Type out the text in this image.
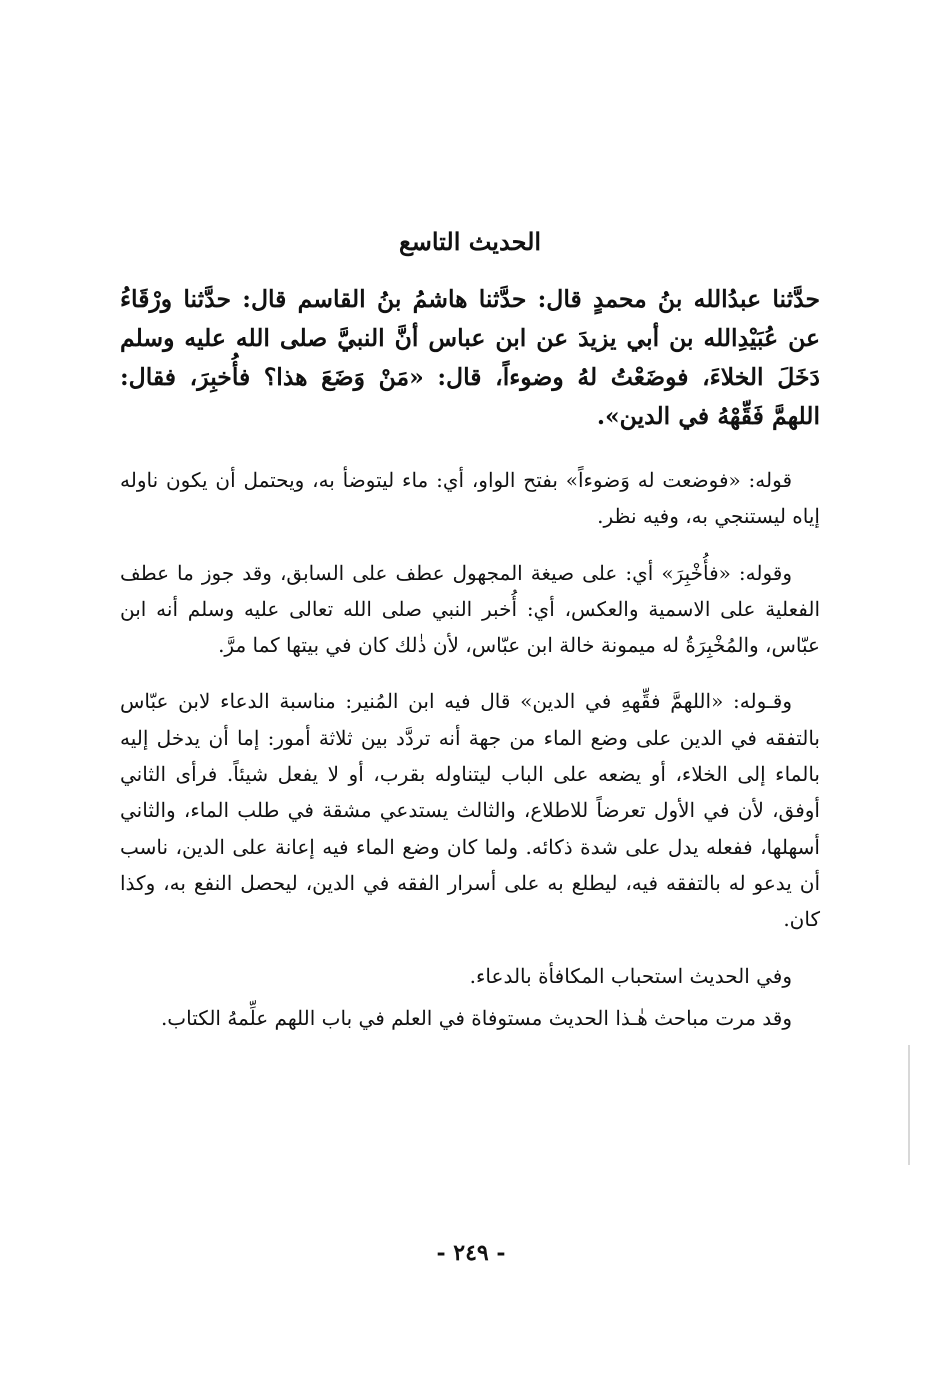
الحديث التاسع

حدَّثنا عبدُالله بنُ محمدٍ قال: حدَّثنا هاشمُ بنُ القاسم قال: حدَّثنا ورْقَاءُ عن عُبَيْدِالله بن أبي يزيدَ عن ابن عباس أنَّ النبيَّ صلى الله عليه وسلم دَخَلَ الخلاءَ، فوضَعْتُ لهُ وضوءاً، قال: «مَنْ وَضَعَ هذا؟ فأُخبِرَ، فقال: اللهمَّ فَقِّهْهُ في الدين».

قوله: «فوضعت له وَضوءاً» بفتح الواو، أي: ماء ليتوضأ به، ويحتمل أن يكون ناوله إياه ليستنجي به، وفيه نظر.

وقوله: «فأُخْبِرَ» أي: على صيغة المجهول عطف على السابق، وقد جوز ما عطف الفعلية على الاسمية والعكس، أي: أُخبر النبي صلى الله تعالى عليه وسلم أنه ابن عبّاس، والمُخْبِرَةُ له ميمونة خالة ابن عبّاس، لأن ذٰلك كان في بيتها كما مرَّ.

وقـوله: «اللهمَّ فقِّههِ في الدين» قال فيه ابن المُنير: مناسبة الدعاء لابن عبّاس بالتفقه في الدين على وضع الماء من جهة أنه تردَّد بين ثلاثة أمور: إما أن يدخل إليه بالماء إلى الخلاء، أو يضعه على الباب ليتناوله بقرب، أو لا يفعل شيئاً. فرأى الثاني أوفق، لأن في الأول تعرضاً للاطلاع، والثالث يستدعي مشقة في طلب الماء، والثاني أسهلها، ففعله يدل على شدة ذكائه. ولما كان وضع الماء فيه إعانة على الدين، ناسب أن يدعو له بالتفقه فيه، ليطلع به على أسرار الفقه في الدين، ليحصل النفع به، وكذا كان.

وفي الحديث استحباب المكافأة بالدعاء.

وقد مرت مباحث هٰـذا الحديث مستوفاة في العلم في باب اللهم علِّمهُ الكتاب.

- ٢٤٩ -
